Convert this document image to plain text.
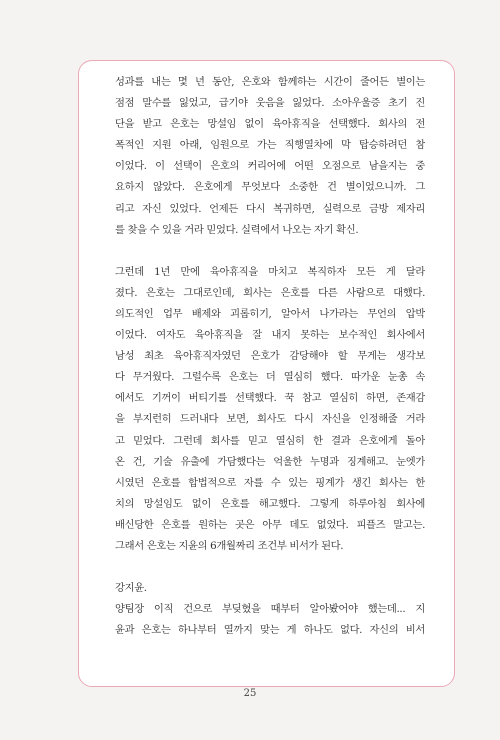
성과를 내는 몇 년 동안, 은호와 함께하는 시간이 줄어든 별이는
점점 말수를 잃었고, 급기야 웃음을 잃었다. 소아우울증 초기 진
단을 받고 은호는 망설임 없이 육아휴직을 선택했다. 회사의 전
폭적인 지원 아래, 임원으로 가는 직행열차에 막 탑승하려던 참
이었다. 이 선택이 은호의 커리어에 어떤 오점으로 남을지는 중
요하지 않았다. 은호에게 무엇보다 소중한 건 별이었으니까. 그
리고 자신 있었다. 언제든 다시 복귀하면, 실력으로 금방 제자리
를 찾을 수 있을 거라 믿었다. 실력에서 나오는 자기 확신.

그런데 1년 만에 육아휴직을 마치고 복직하자 모든 게 달라
졌다. 은호는 그대로인데, 회사는 은호를 다른 사람으로 대했다.
의도적인 업무 배제와 괴롭히기, 알아서 나가라는 무언의 압박
이었다. 여자도 육아휴직을 잘 내지 못하는 보수적인 회사에서
남성 최초 육아휴직자였던 은호가 감당해야 할 무게는 생각보
다 무거웠다. 그럴수록 은호는 더 열심히 했다. 따가운 눈총 속
에서도 기꺼이 버티기를 선택했다. 꾹 참고 열심히 하면, 존재감
을 부지런히 드러내다 보면, 회사도 다시 자신을 인정해줄 거라
고 믿었다. 그런데 회사를 믿고 열심히 한 결과 은호에게 돌아
온 건, 기술 유출에 가담했다는 억울한 누명과 징계해고. 눈엣가
시였던 은호를 합법적으로 자를 수 있는 핑계가 생긴 회사는 한
치의 망설임도 없이 은호를 해고했다. 그렇게 하루아침 회사에
배신당한 은호를 원하는 곳은 아무 데도 없었다. 피플즈 말고는.
그래서 은호는 지윤의 6개월짜리 조건부 비서가 된다.

강지윤.

양팀장 이직 건으로 부딪혔을 때부터 알아봤어야 했는데... 지
윤과 은호는 하나부터 열까지 맞는 게 하나도 없다. 자신의 비서

25
